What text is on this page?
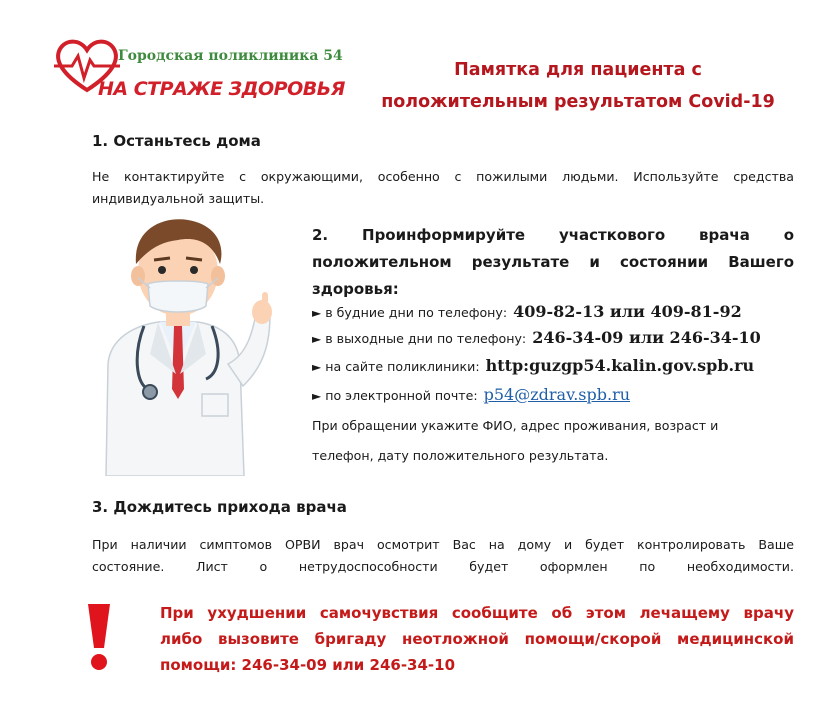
Городская поликлиника 54
НА СТРАЖЕ ЗДОРОВЬЯ
Памятка для пациента с
положительным результатом Covid-19
1. Останьтесь дома
Не контактируйте с окружающими, особенно с пожилыми людьми. Используйте средства индивидуальной защиты.
2. Проинформируйте участкового врача о
положительном результате и состоянии Вашего
здоровья:
► в будние дни по телефону: 409-82-13 или 409-81-92
► в выходные дни по телефону: 246-34-09 или 246-34-10
► на сайте поликлиники: http:guzgp54.kalin.gov.spb.ru
► по электронной почте: p54@zdrav.spb.ru
При обращении укажите ФИО, адрес проживания, возраст и
телефон, дату положительного результата.
3. Дождитесь прихода врача
При наличии симптомов ОРВИ врач осмотрит Вас на дому и будет контролировать Ваше
состояние. Лист о нетрудоспособности будет оформлен по необходимости.
При ухудшении самочувствия сообщите об этом лечащему врачу
либо вызовите бригаду неотложной помощи/скорой медицинской
помощи: 246-34-09 или 246-34-10
